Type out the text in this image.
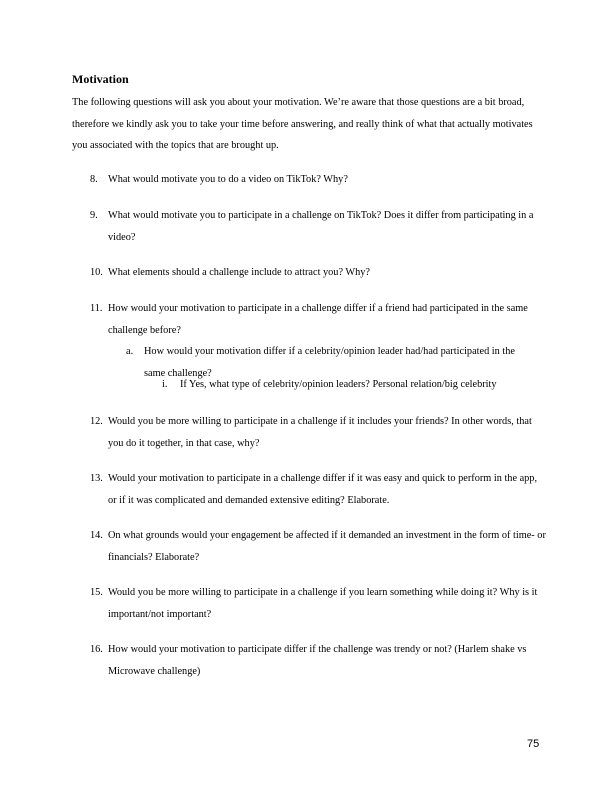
Motivation
The following questions will ask you about your motivation. We’re aware that those questions are a bit broad, therefore we kindly ask you to take your time before answering, and really think of what that actually motivates you associated with the topics that are brought up.
8. What would motivate you to do a video on TikTok? Why?
9. What would motivate you to participate in a challenge on TikTok? Does it differ from participating in a video?
10. What elements should a challenge include to attract you? Why?
11. How would your motivation to participate in a challenge differ if a friend had participated in the same challenge before?
a. How would your motivation differ if a celebrity/opinion leader had/had participated in the same challenge?
i. If Yes, what type of celebrity/opinion leaders? Personal relation/big celebrity
12. Would you be more willing to participate in a challenge if it includes your friends? In other words, that you do it together, in that case, why?
13. Would your motivation to participate in a challenge differ if it was easy and quick to perform in the app, or if it was complicated and demanded extensive editing? Elaborate.
14. On what grounds would your engagement be affected if it demanded an investment in the form of time- or financials? Elaborate?
15. Would you be more willing to participate in a challenge if you learn something while doing it? Why is it important/not important?
16. How would your motivation to participate differ if the challenge was trendy or not? (Harlem shake vs Microwave challenge)
75
